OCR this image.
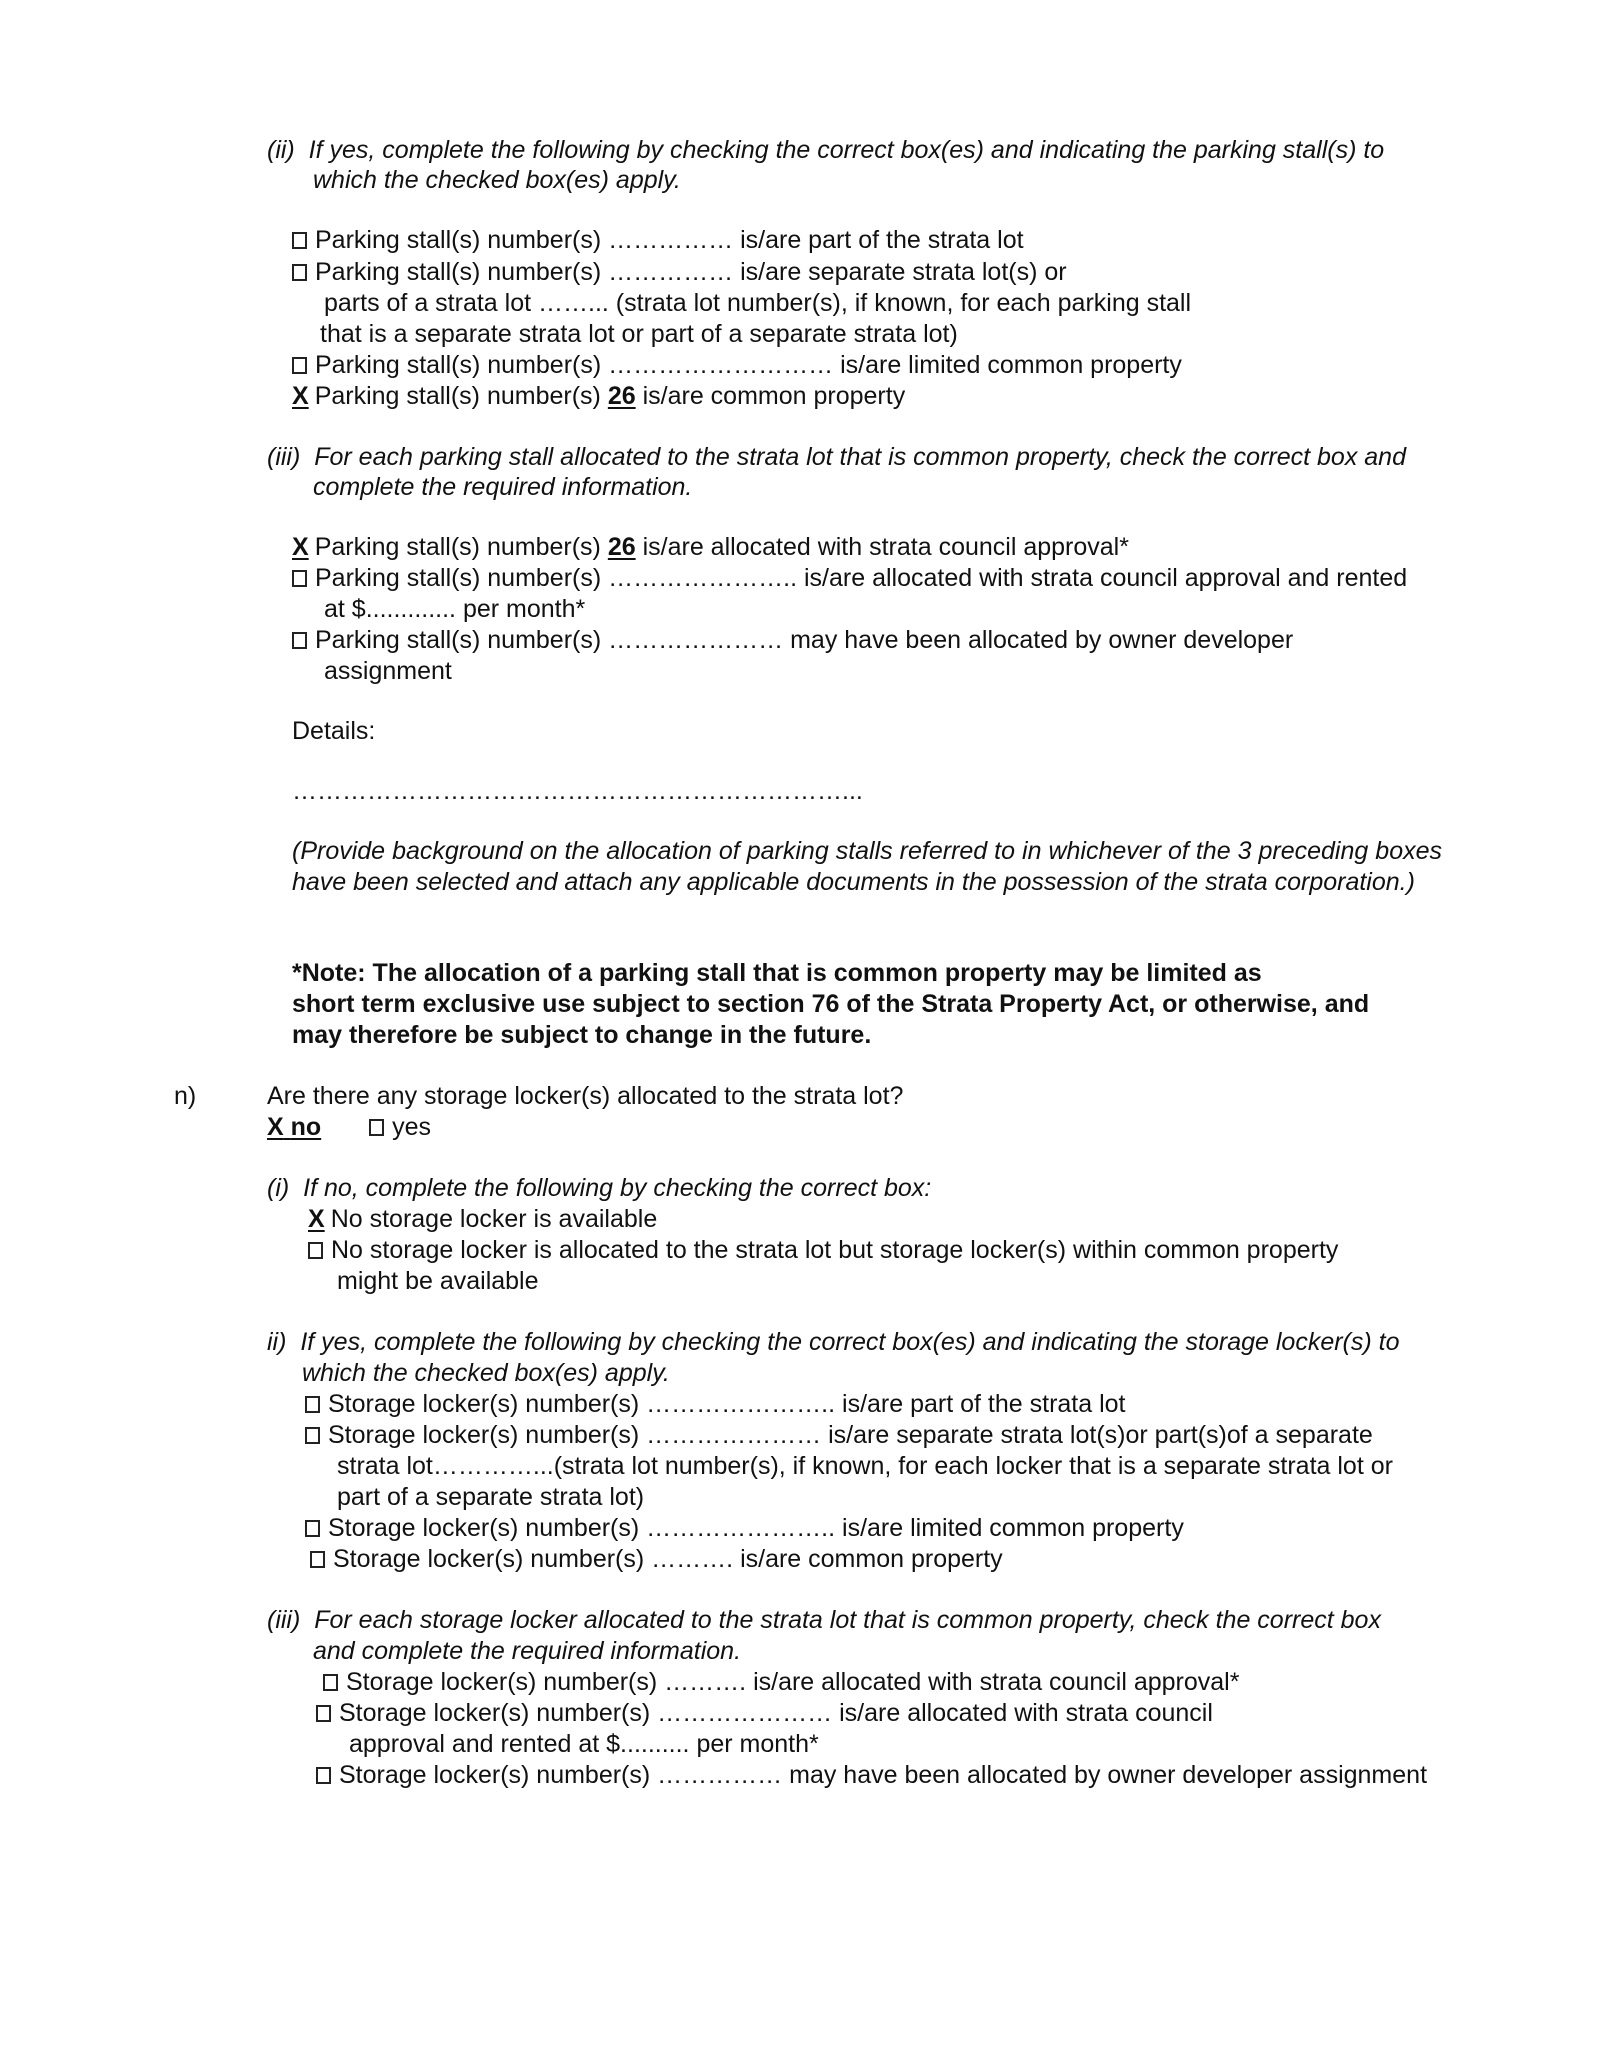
(ii) If yes, complete the following by checking the correct box(es) and indicating the parking stall(s) to
which the checked box(es) apply.
Parking stall(s) number(s) …………… is/are part of the strata lot
Parking stall(s) number(s) …………… is/are separate strata lot(s) or
parts of a strata lot ……... (strata lot number(s), if known, for each parking stall
that is a separate strata lot or part of a separate strata lot)
Parking stall(s) number(s) ……………………… is/are limited common property
X Parking stall(s) number(s) 26 is/are common property
(iii) For each parking stall allocated to the strata lot that is common property, check the correct box and
complete the required information.
X Parking stall(s) number(s) 26 is/are allocated with strata council approval*
Parking stall(s) number(s) ………………….. is/are allocated with strata council approval and rented
at $............. per month*
Parking stall(s) number(s) ………………… may have been allocated by owner developer
assignment
Details:
…………………………………………………………...
(Provide background on the allocation of parking stalls referred to in whichever of the 3 preceding boxes have been selected and attach any applicable documents in the possession of the strata corporation.)
*Note: The allocation of a parking stall that is common property may be limited as
short term exclusive use subject to section 76 of the Strata Property Act, or otherwise, and
may therefore be subject to change in the future.
n)	Are there any storage locker(s) allocated to the strata lot?
X no	yes
(i) If no, complete the following by checking the correct box:
X No storage locker is available
No storage locker is allocated to the strata lot but storage locker(s) within common property
might be available
ii) If yes, complete the following by checking the correct box(es) and indicating the storage locker(s) to
which the checked box(es) apply.
Storage locker(s) number(s) ………………….. is/are part of the strata lot
Storage locker(s) number(s) ………………… is/are separate strata lot(s)or part(s)of a separate
strata lot…………...(strata lot number(s), if known, for each locker that is a separate strata lot or
part of a separate strata lot)
Storage locker(s) number(s) ………………….. is/are limited common property
Storage locker(s) number(s) ………. is/are common property
(iii) For each storage locker allocated to the strata lot that is common property, check the correct box
and complete the required information.
Storage locker(s) number(s) ………. is/are allocated with strata council approval*
Storage locker(s) number(s) ………………… is/are allocated with strata council
approval and rented at $.......... per month*
Storage locker(s) number(s) …………… may have been allocated by owner developer assignment
